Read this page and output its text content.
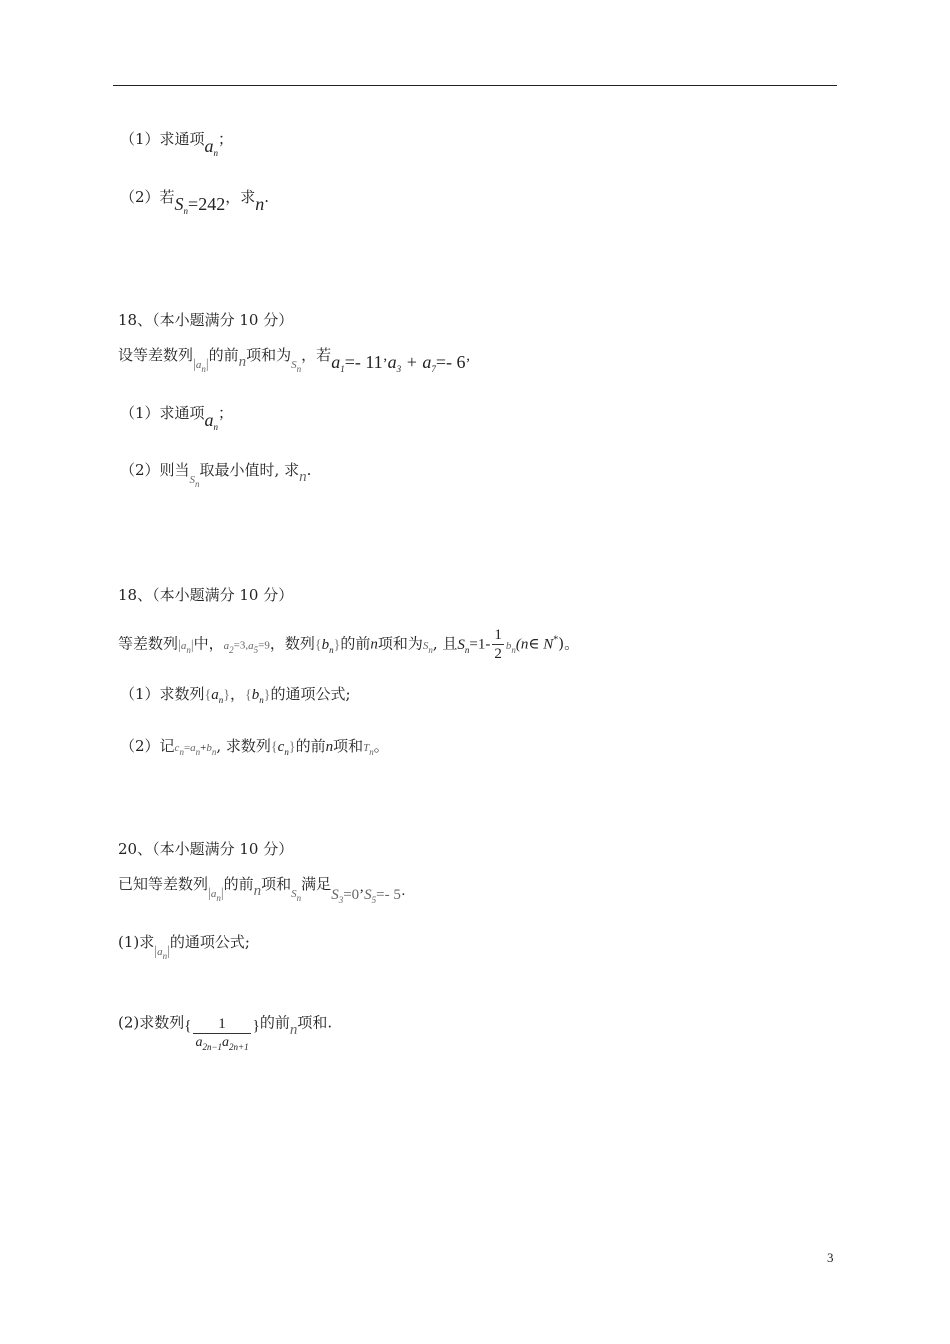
（1）求通项$a_n$；
（2）若$S_n=242$，求n.
18、（本小题满分 10 分）
设等差数列$|a_n|$的前n项和为$_{S_n}$，若$a_1=-$ $11’a_3 + a_7=-$ 6’
（1）求通项$a_n$；
（2）则当$_{S_n}$取最小值时, 求n.
18、（本小题满分 10 分）
等差数列$|a_n|$中，$a_2=3,a_5=9$，数列$\{b_n\}$的前n项和为$S_n$, 且$S_n=1- \frac{1}{2}$ $b_n(n\in$ N*)。
（1）求数列$\{a_n\}$，$\{b_n\}$的通项公式;
（2）记$c_n=a_n+b_n$, 求数列$\{c_n\}$的前n项和$T_n$。
20、（本小题满分 10 分）
已知等差数列$|a_n|$的前n项和$_{S_n}$满足$S_3=0’S_5=-$ 5·
(1)求$|a_n|$的通项公式;
(2)求数列{ $\frac{1}{a_{2n-1}a_{2n+1}}$ }的前n项和.
3
